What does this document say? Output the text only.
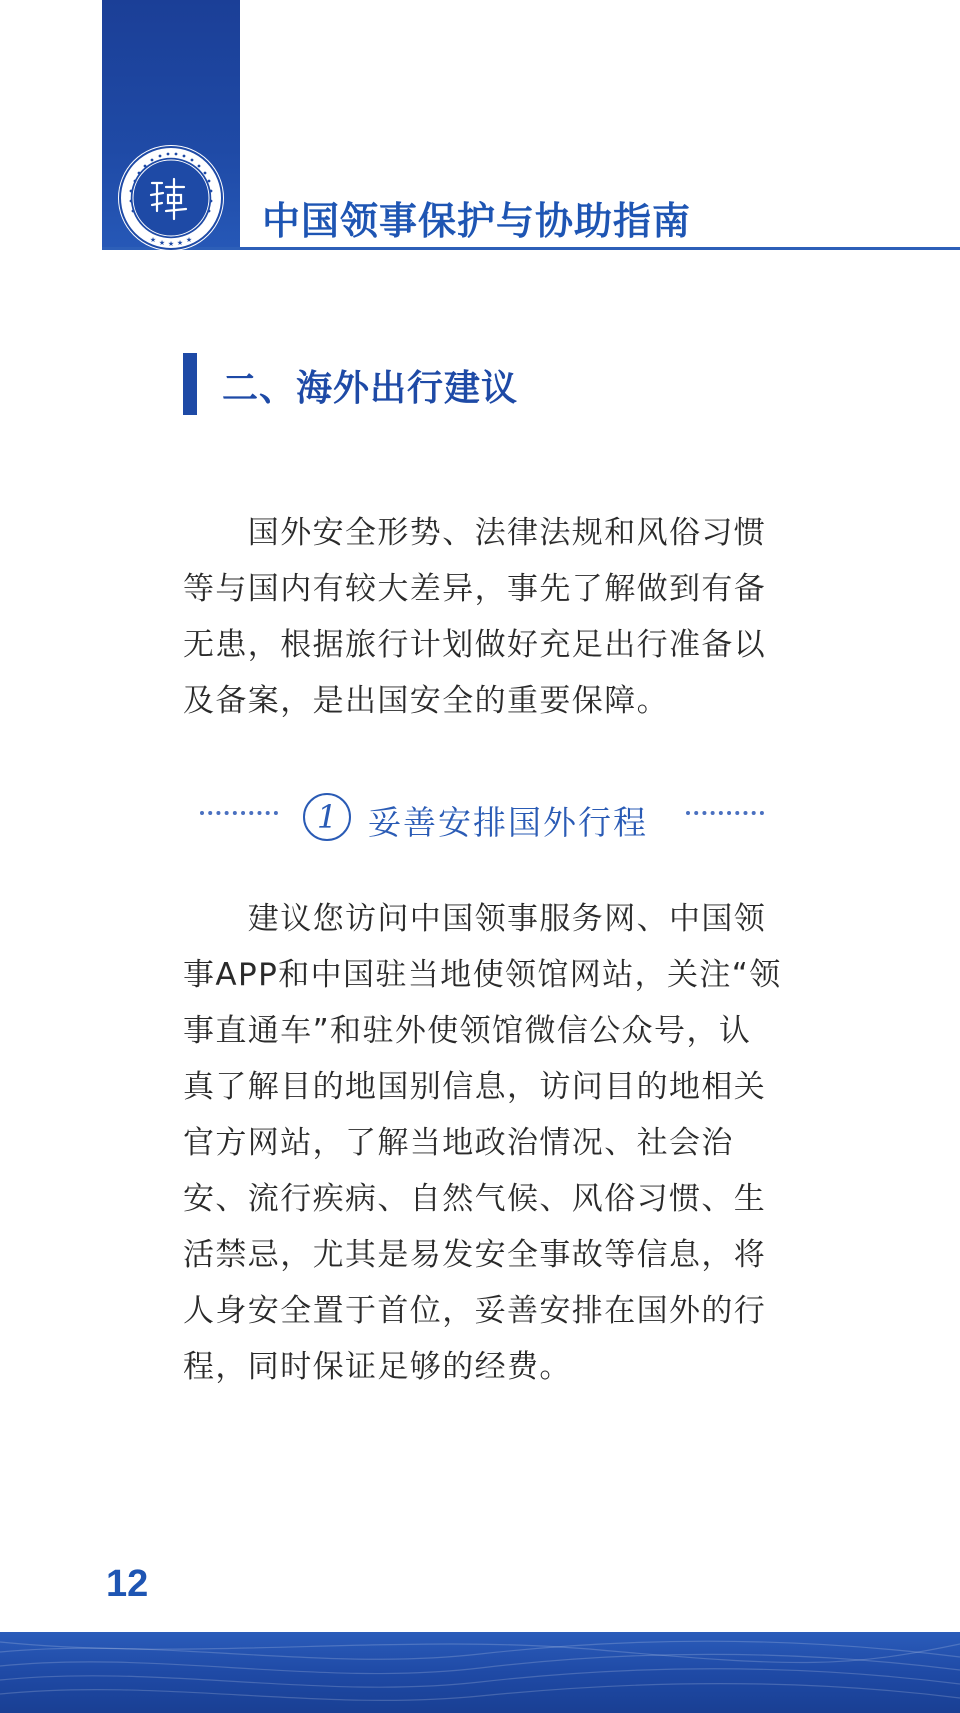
★ ★ ★ ★ ★ 中国领事保护与协助指南
二、海外出行建议

　　国外安全形势、法律法规和风俗习惯
等与国内有较大差异，事先了解做到有备
无患，根据旅行计划做好充足出行准备以
及备案，是出国安全的重要保障。

1 妥善安排国外行程

　　建议您访问中国领事服务网、中国领
事APP和中国驻当地使领馆网站，关注“领
事直通车”和驻外使领馆微信公众号，认
真了解目的地国别信息，访问目的地相关
官方网站，了解当地政治情况、社会治
安、流行疾病、自然气候、风俗习惯、生
活禁忌，尤其是易发安全事故等信息，将
人身安全置于首位，妥善安排在国外的行
程，同时保证足够的经费。

12
